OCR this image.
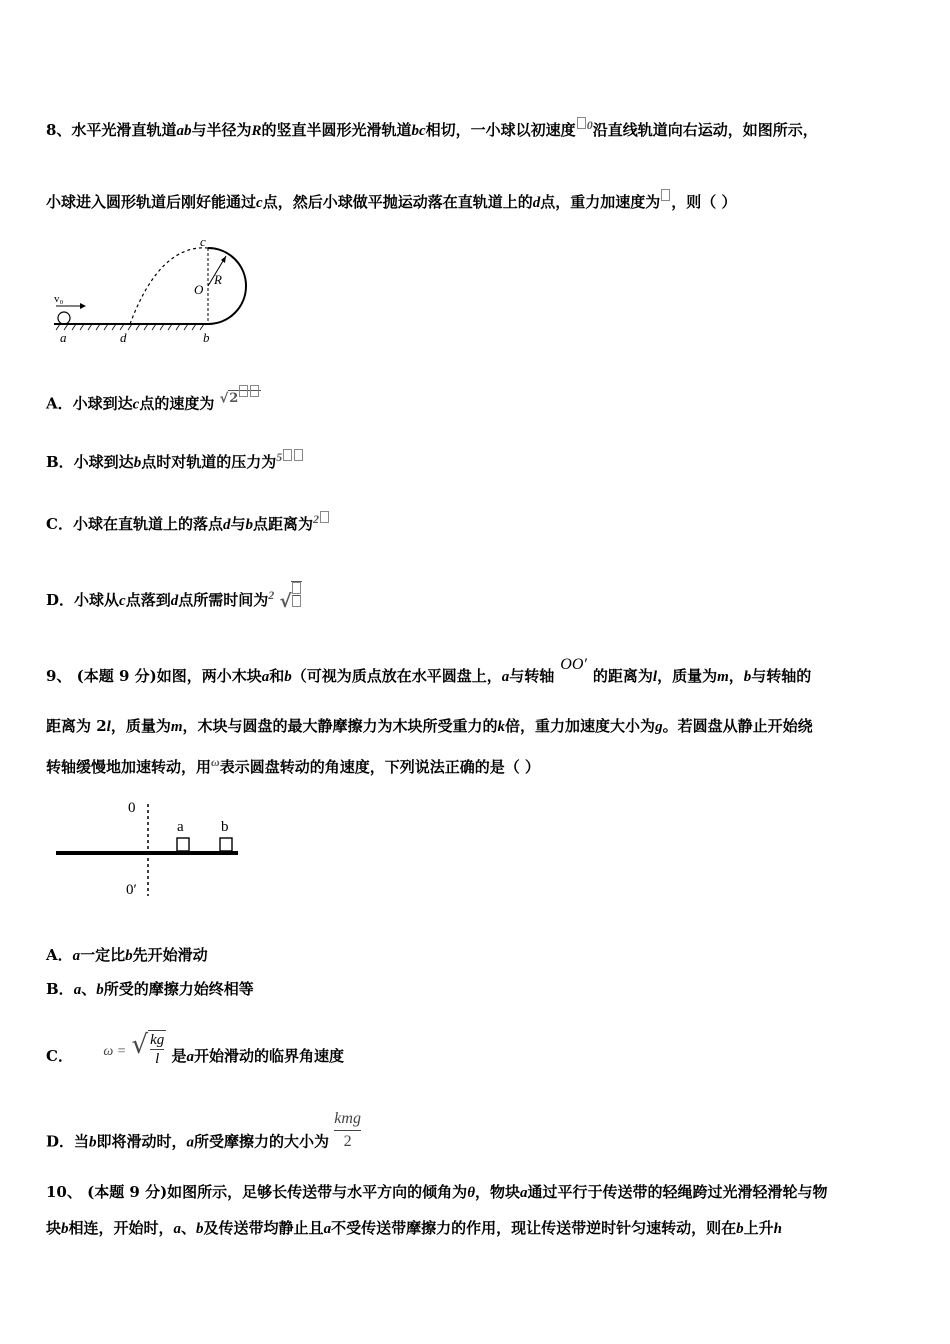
8、水平光滑直轨道ab与半径为R的竖直半圆形光滑轨道bc相切，一小球以初速度 $^0$沿直线轨道向右运动，如图所示，
小球进入圆形轨道后刚好能通过c点，然后小球做平抛运动落在直轨道上的d点，重力加速度为 ，则（ ）
v₀
a	d	b
c
O
R
A．小球到达c点的速度为 √2
B．小球到达b点时对轨道的压力为$^5$
C．小球在直轨道上的落点d与b点距离为$^2$
D．小球从c点落到d点所需时间为$^2$ √

9、 (本题 9 分)如图，两小木块a和b（可视为质点放在水平圆盘上，a与转轴OO′的距离为l，质量为m，b与转轴的
距离为 2l，质量为m，木块与圆盘的最大静摩擦力为木块所受重力的k倍，重力加速度大小为g。若圆盘从静止开始绕
转轴缓慢地加速转动，用$^\omega$表示圆盘转动的角速度，下列说法正确的是（ ）
0
0′
a b
A．a一定比b先开始滑动
B．a、b所受的摩擦力始终相等
C． $\omega = √\frac{kg}{l}$ 是a开始滑动的临界角速度
D．当b即将滑动时，a所受摩擦力的大小为 kmg

2
10、 (本题 9 分)如图所示，足够长传送带与水平方向的倾角为θ，物块a通过平行于传送带的轻绳跨过光滑轻滑轮与物
块b相连，开始时，a、b及传送带均静止且a不受传送带摩擦力的作用，现让传送带逆时针匀速转动，则在b上升h
